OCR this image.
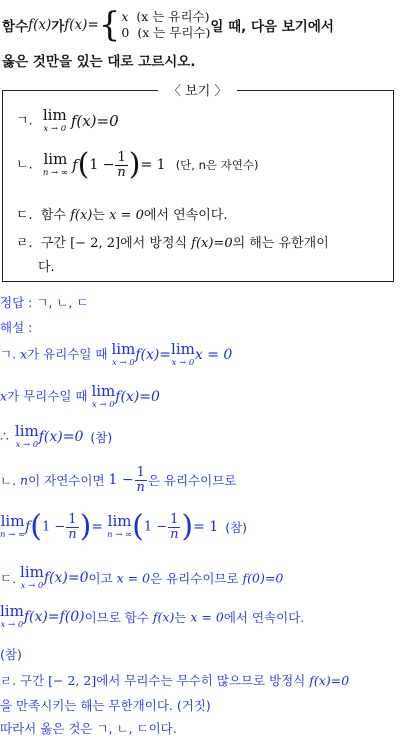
함수 f(x) 가 f(x)= { x (x 는 유리수)
0 (x 는 무리수) 일 때, 다음 보기에서
옳은 것만을 있는 대로 고르시오.
〈 보기 〉
ㄱ. lim
x → 0 f(x)=0
ㄴ. lim
n → ∞ $f(1 - \frac{1}{n}$ )= 1 (단, n은 자연수)
ㄷ. 함수 f(x)는 x = 0에서 연속이다.
ㄹ. 구간 [− 2, 2]에서 방정식 f(x)=0의 해는 유한개이
다.
정답 : ㄱ, ㄴ, ㄷ
해설 :
ㄱ. x가 유리수일 때 lim
x → 0
f(x)= lim
x → 0
x = 0
x가 무리수일 때 lim
x → 0
f(x)=0
∴ lim
x → 0
f(x)=0 (참)
ㄴ. n이 자연수이면 $1 - \frac{1}{n}$ 은 유리수이므로
lim
n → ∞
$f(1 - \frac{1}{n}$ )= lim
n → ∞ ($1 - \frac{1}{n}$ )= 1 (참)
ㄷ. lim
x → 0
f(x)=0이고 x = 0은 유리수이므로 f(0)=0
lim
x → 0
f(x)=f(0)이므로 함수 f(x)는 x = 0에서 연속이다.
(참)
ㄹ. 구간 [− 2, 2]에서 무리수는 무수히 많으므로 방정식 f(x)=0
을 만족시키는 해는 무한개이다. (거짓)
따라서 옳은 것은 ㄱ, ㄴ, ㄷ이다.
